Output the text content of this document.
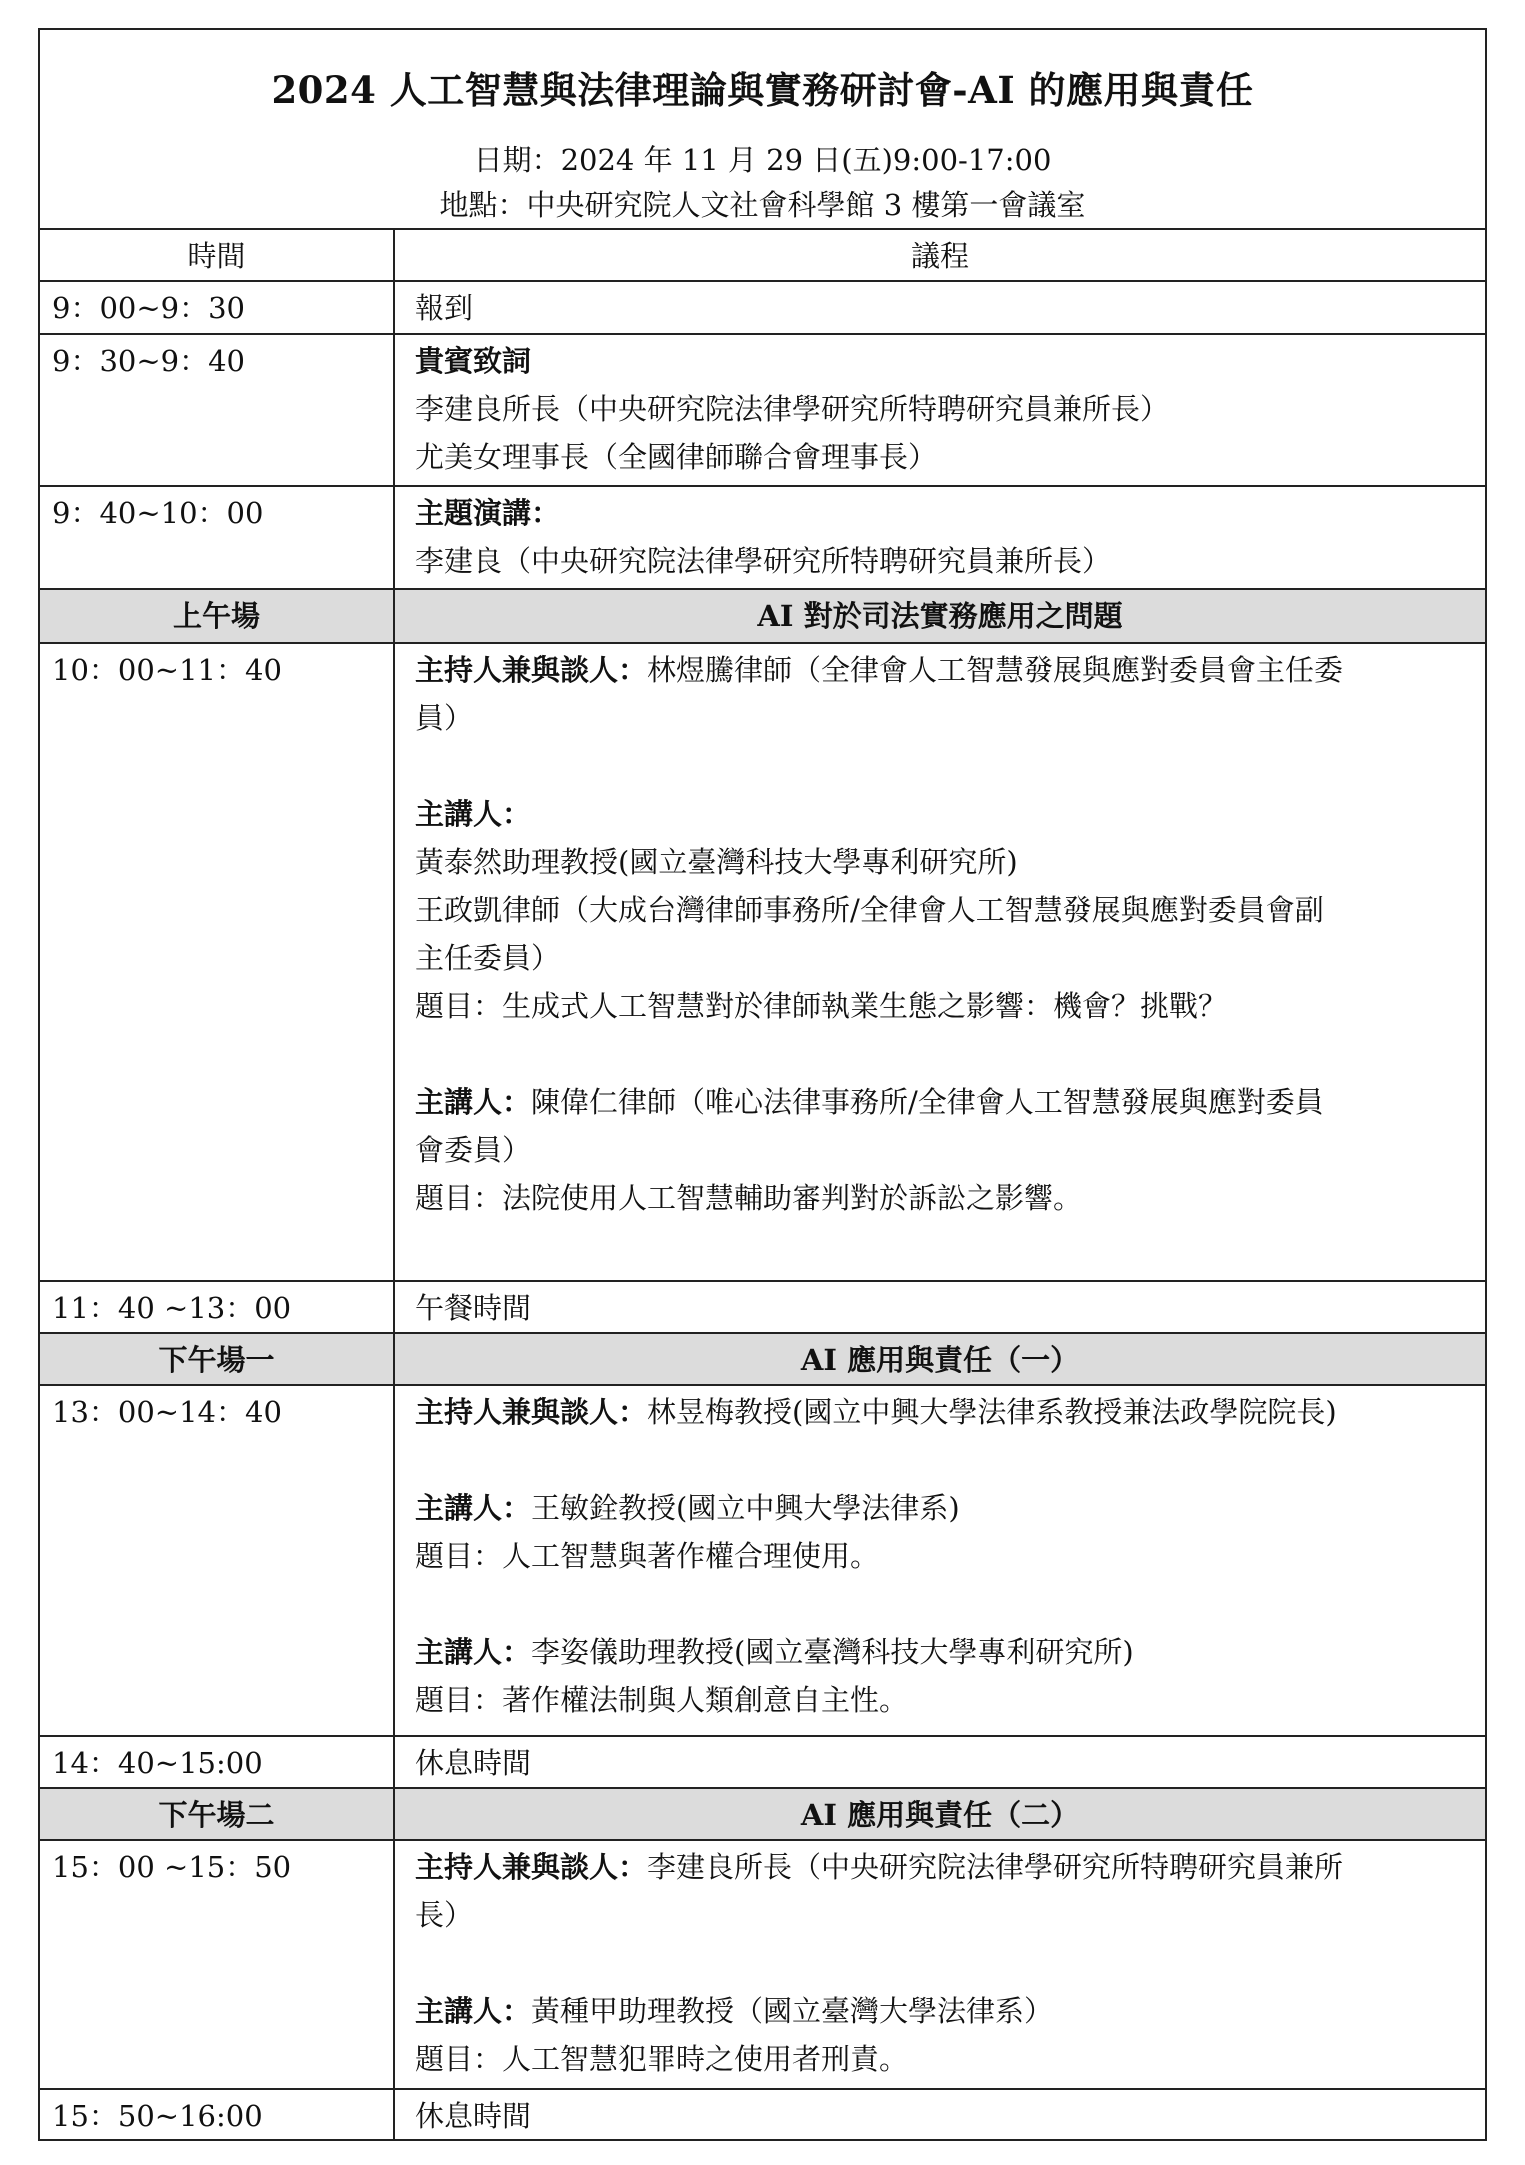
2024 人工智慧與法律理論與實務研討會-AI 的應用與責任
日期：2024 年 11 月 29 日(五)9:00-17:00
地點：中央研究院人文社會科學館 3 樓第一會議室
時間	議程
9：00~9：30	報到
9：30~9：40	貴賓致詞
李建良所長（中央研究院法律學研究所特聘研究員兼所長）
尤美女理事長（全國律師聯合會理事長）
9：40~10：00	主題演講：
李建良（中央研究院法律學研究所特聘研究員兼所長）
上午場	AI 對於司法實務應用之問題
10：00~11：40	主持人兼與談人：林煜騰律師（全律會人工智慧發展與應對委員會主任委
員）
主講人：
黃泰然助理教授(國立臺灣科技大學專利研究所)
王政凱律師（大成台灣律師事務所/全律會人工智慧發展與應對委員會副
主任委員）
題目：生成式人工智慧對於律師執業生態之影響：機會？挑戰？
主講人：陳偉仁律師（唯心法律事務所/全律會人工智慧發展與應對委員
會委員）
題目：法院使用人工智慧輔助審判對於訴訟之影響。
11：40 ~13：00	午餐時間
下午場一	AI 應用與責任（一）
13：00~14：40	主持人兼與談人：林昱梅教授(國立中興大學法律系教授兼法政學院院長)
主講人：王敏銓教授(國立中興大學法律系)
題目：人工智慧與著作權合理使用。
主講人：李姿儀助理教授(國立臺灣科技大學專利研究所)
題目：著作權法制與人類創意自主性。
14：40~15:00	休息時間
下午場二	AI 應用與責任（二）
15：00 ~15：50	主持人兼與談人：李建良所長（中央研究院法律學研究所特聘研究員兼所
長）
主講人：黃種甲助理教授（國立臺灣大學法律系）
題目：人工智慧犯罪時之使用者刑責。
15：50~16:00	休息時間
